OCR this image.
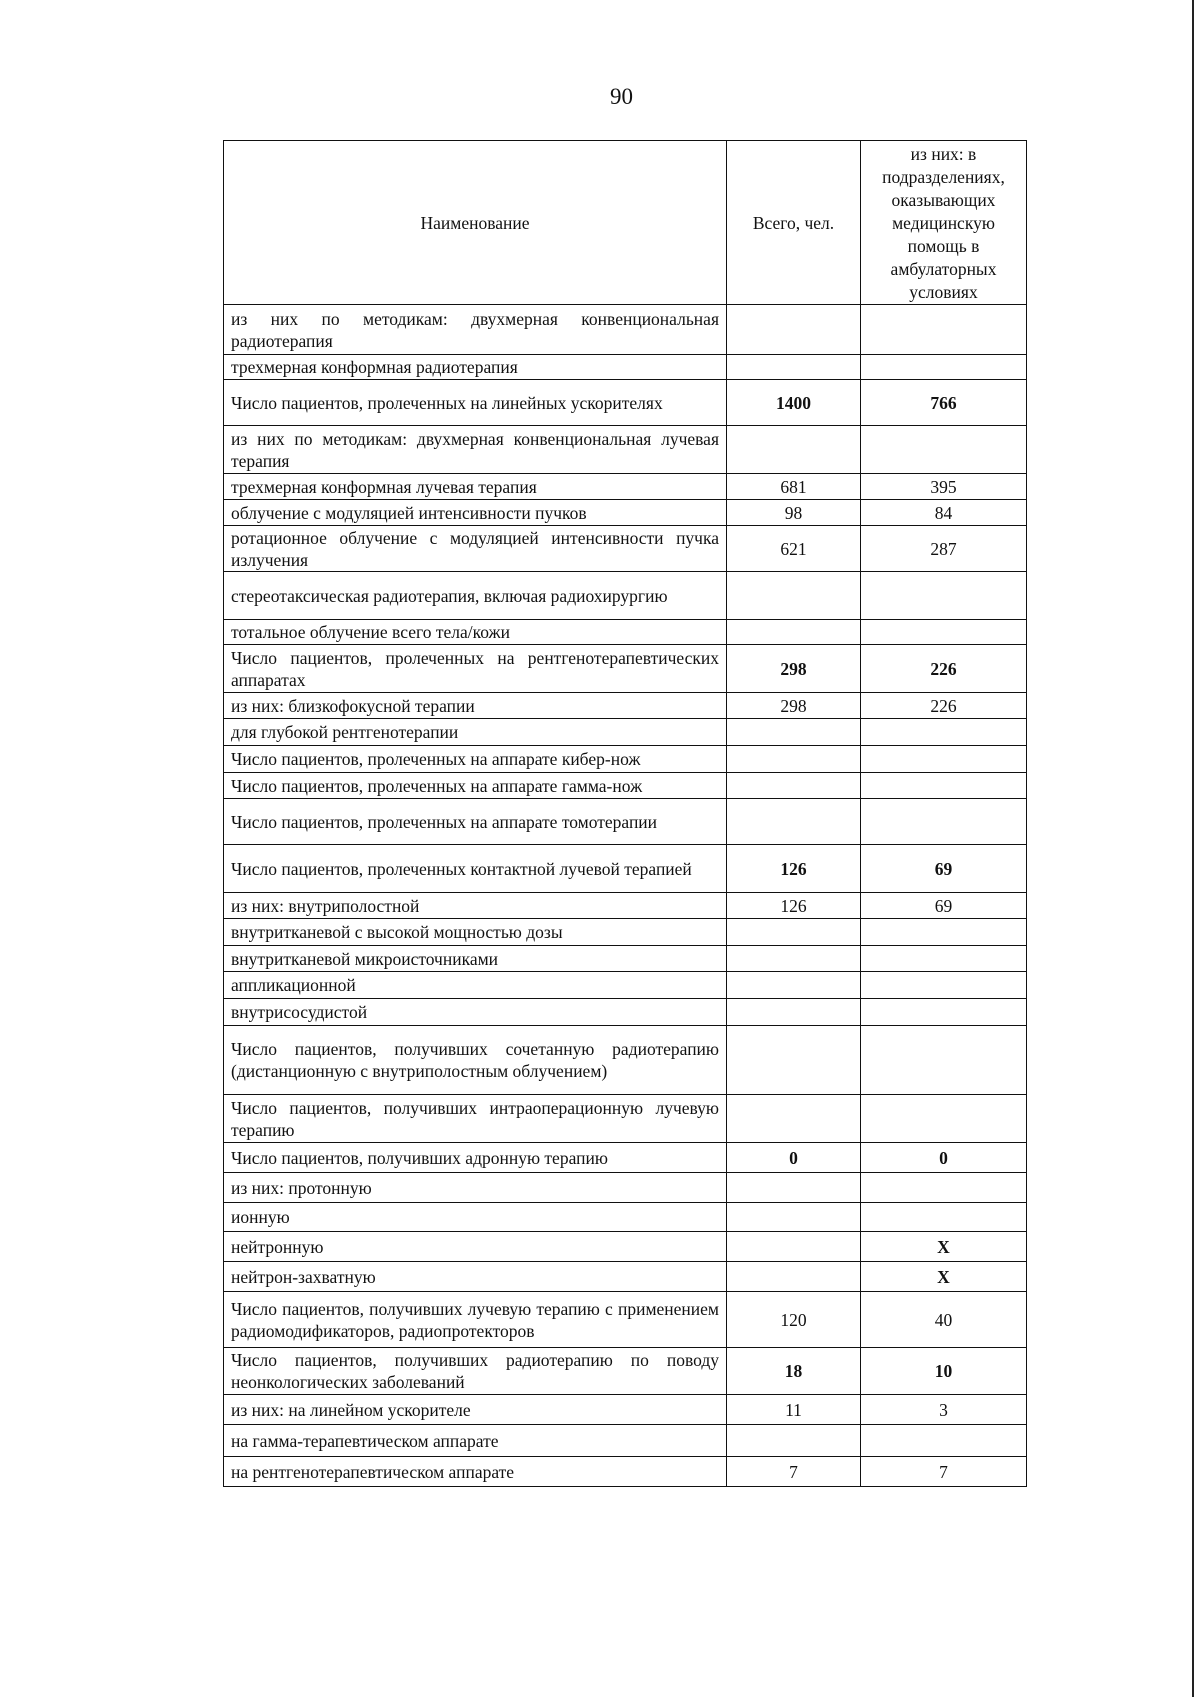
90
Наименование	Всего, чел.	из них: в подразделениях, оказывающих медицинскую помощь в амбулаторных условиях
из них по методикам: двухмерная конвенциональная радиотерапия		
трехмерная конформная радиотерапия		
Число пациентов, пролеченных на линейных ускорителях	1400	766
из них по методикам: двухмерная конвенциональная лучевая терапия		
трехмерная конформная лучевая терапия	681	395
облучение с модуляцией интенсивности пучков	98	84
ротационное облучение с модуляцией интенсивности пучка излучения	621	287
стереотаксическая радиотерапия, включая радиохирургию		
тотальное облучение всего тела/кожи		
Число пациентов, пролеченных на рентгенотерапевтических аппаратах	298	226
из них: близкофокусной терапии	298	226
для глубокой рентгенотерапии		
Число пациентов, пролеченных на аппарате кибер-нож		
Число пациентов, пролеченных на аппарате гамма-нож		
Число пациентов, пролеченных на аппарате томотерапии		
Число пациентов, пролеченных контактной лучевой терапией	126	69
из них: внутриполостной	126	69
внутритканевой с высокой мощностью дозы		
внутритканевой микроисточниками		
аппликационной		
внутрисосудистой		
Число пациентов, получивших сочетанную радиотерапию (дистанционную с внутриполостным облучением)		
Число пациентов, получивших интраоперационную лучевую терапию		
Число пациентов, получивших адронную терапию	0	0
из них: протонную		
ионную		
нейтронную		X
нейтрон-захватную		X
Число пациентов, получивших лучевую терапию с применением радиомодификаторов, радиопротекторов	120	40
Число пациентов, получивших радиотерапию по поводу неонкологических заболеваний	18	10
из них: на линейном ускорителе	11	3
на гамма-терапевтическом аппарате		
на рентгенотерапевтическом аппарате	7	7
